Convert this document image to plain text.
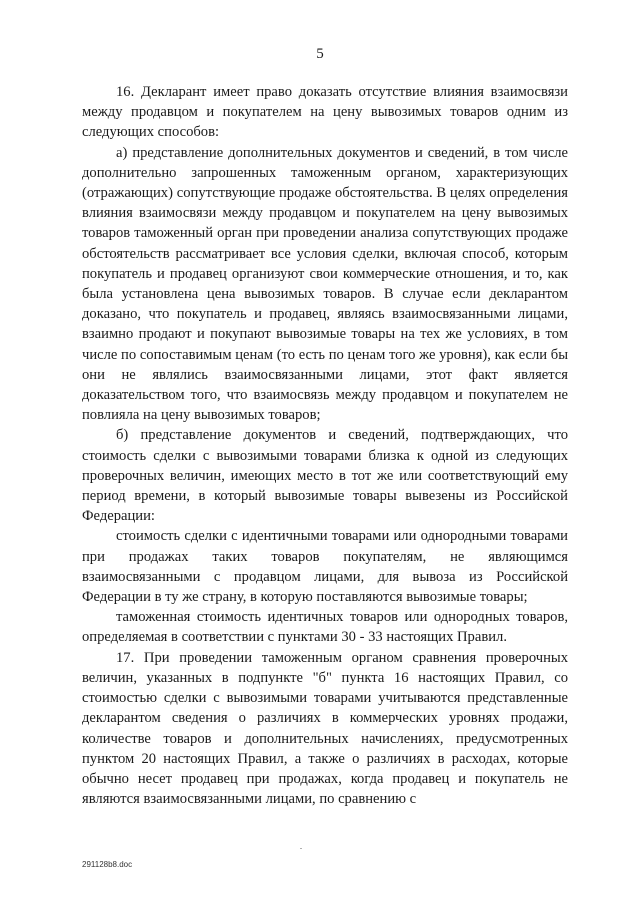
5

16. Декларант имеет право доказать отсутствие влияния взаимосвязи между продавцом и покупателем на цену вывозимых товаров одним из следующих способов:

а) представление дополнительных документов и сведений, в том числе дополнительно запрошенных таможенным органом, характеризующих (отражающих) сопутствующие продаже обстоятельства. В целях определения влияния взаимосвязи между продавцом и покупателем на цену вывозимых товаров таможенный орган при проведении анализа сопутствующих продаже обстоятельств рассматривает все условия сделки, включая способ, которым покупатель и продавец организуют свои коммерческие отношения, и то, как была установлена цена вывозимых товаров. В случае если декларантом доказано, что покупатель и продавец, являясь взаимосвязанными лицами, взаимно продают и покупают вывозимые товары на тех же условиях, в том числе по сопоставимым ценам (то есть по ценам того же уровня), как если бы они не являлись взаимосвязанными лицами, этот факт является доказательством того, что взаимосвязь между продавцом и покупателем не повлияла на цену вывозимых товаров;

б) представление документов и сведений, подтверждающих, что стоимость сделки с вывозимыми товарами близка к одной из следующих проверочных величин, имеющих место в тот же или соответствующий ему период времени, в который вывозимые товары вывезены из Российской Федерации:

стоимость сделки с идентичными товарами или однородными товарами при продажах таких товаров покупателям, не являющимся взаимосвязанными с продавцом лицами, для вывоза из Российской Федерации в ту же страну, в которую поставляются вывозимые товары;

таможенная стоимость идентичных товаров или однородных товаров, определяемая в соответствии с пунктами 30 - 33 настоящих Правил.

17. При проведении таможенным органом сравнения проверочных величин, указанных в подпункте "б" пункта 16 настоящих Правил, со стоимостью сделки с вывозимыми товарами учитываются представленные декларантом сведения о различиях в коммерческих уровнях продажи, количестве товаров и дополнительных начислениях, предусмотренных пунктом 20 настоящих Правил, а также о различиях в расходах, которые обычно несет продавец при продажах, когда продавец и покупатель не являются взаимосвязанными лицами, по сравнению с

291128b8.doc
